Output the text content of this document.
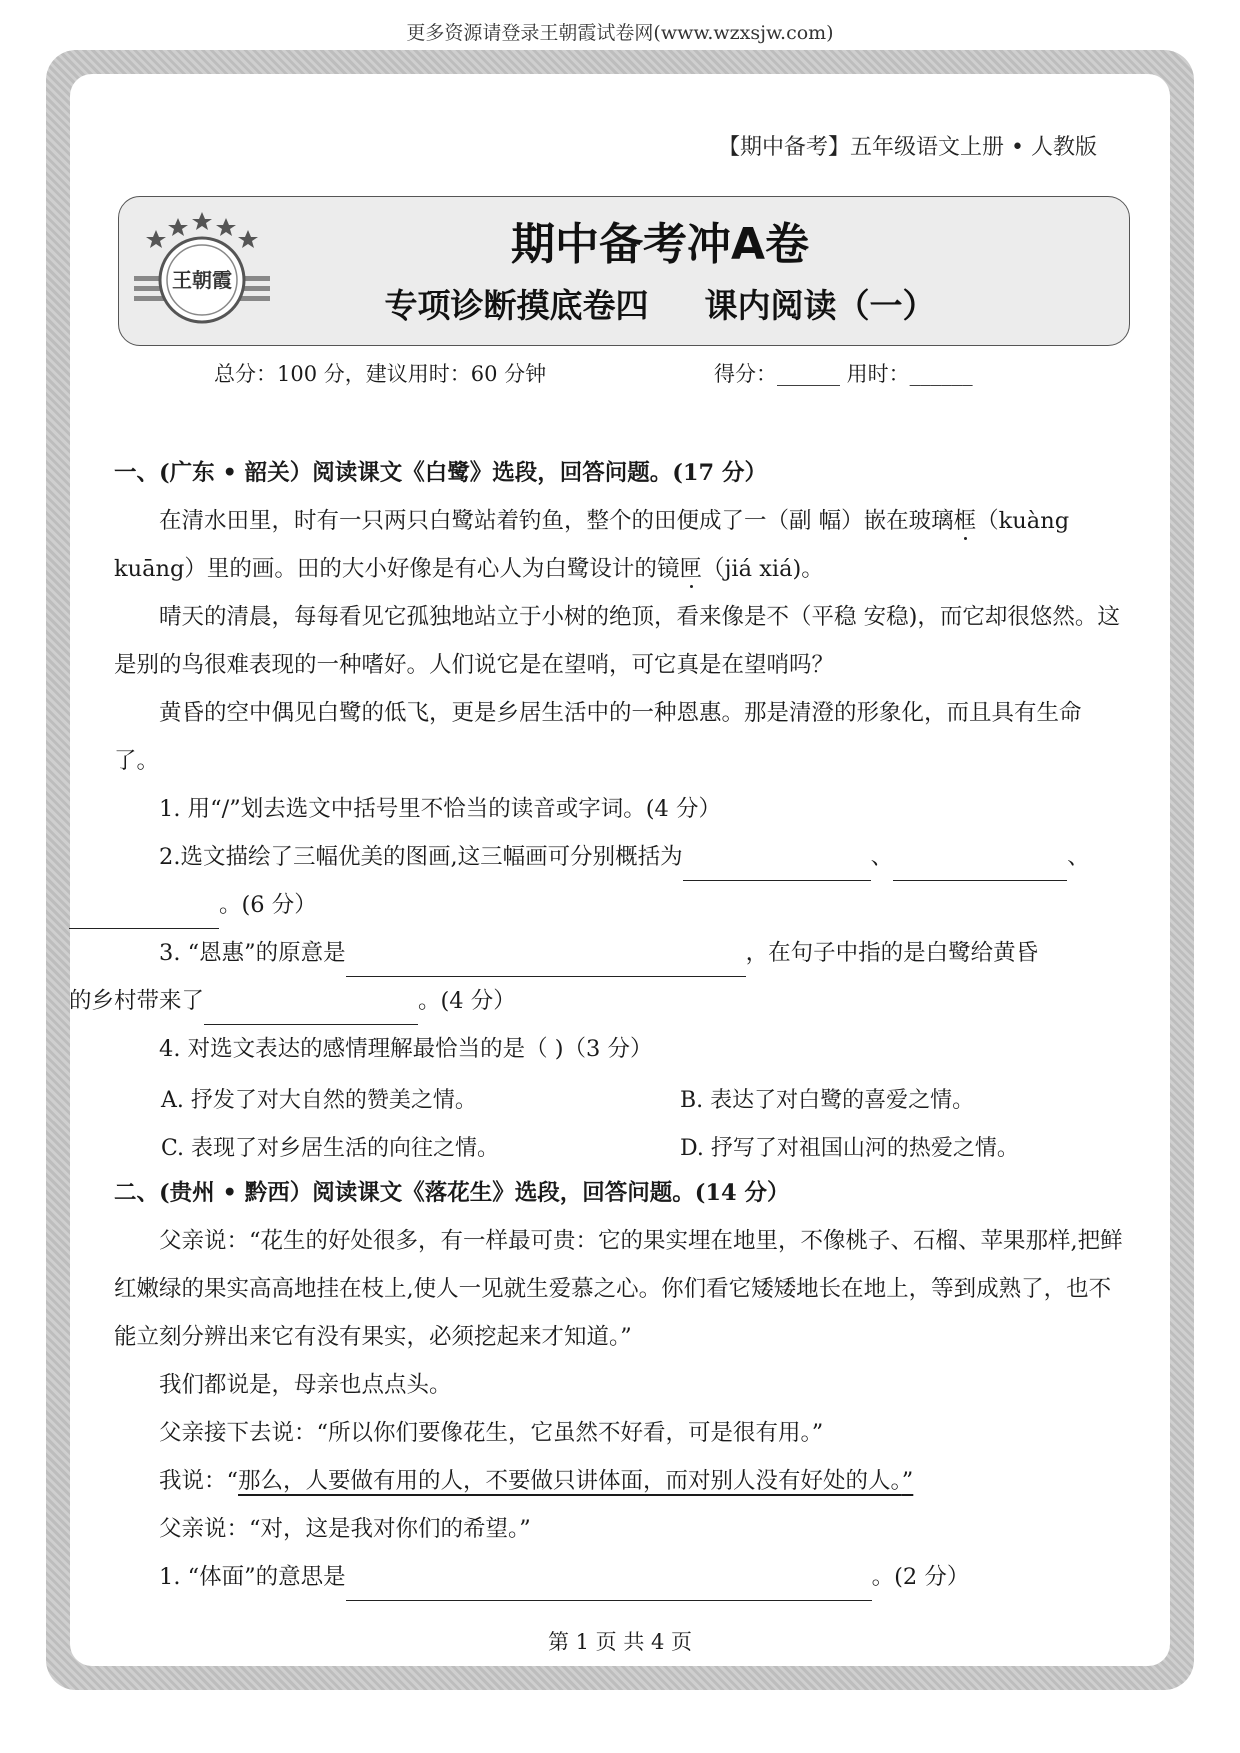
更多资源请登录王朝霞试卷网(www.wzxsjw.com)
【期中备考】五年级语文上册 • 人教版
王朝霞
期中备考冲A卷
专项诊断摸底卷四 课内阅读（一）
总分：100 分，建议用时：60 分钟	得分：______ 用时：______

一、(广东 • 韶关）阅读课文《白鹭》选段，回答问题。(17 分）

在清水田里，时有一只两只白鹭站着钓鱼，整个的田便成了一（副 幅）嵌在玻璃框（kuàng kuāng）里的画。田的大小好像是有心人为白鹭设计的镜匣（jiá xiá)。

晴天的清晨，每每看见它孤独地站立于小树的绝顶，看来像是不（平稳 安稳)，而它却很悠然。这是别的鸟很难表现的一种嗜好。人们说它是在望哨，可它真是在望哨吗？

黄昏的空中偶见白鹭的低飞，更是乡居生活中的一种恩惠。那是清澄的形象化，而且具有生命了。

1. 用“/”划去选文中括号里不恰当的读音或字词。(4 分）

2.选文描绘了三幅优美的图画,这三幅画可分别概括为	、	、
。(6 分）

3. “恩惠”的原意是	，在句子中指的是白鹭给黄昏
的乡村带来了	。(4 分）

4. 对选文表达的感情理解最恰当的是（ )（3 分）

A. 抒发了对大自然的赞美之情。	B. 表达了对白鹭的喜爱之情。
C. 表现了对乡居生活的向往之情。	D. 抒写了对祖国山河的热爱之情。

二、(贵州 • 黔西）阅读课文《落花生》选段，回答问题。(14 分）

父亲说：“花生的好处很多，有一样最可贵：它的果实埋在地里，不像桃子、石榴、苹果那样,把鲜红嫩绿的果实高高地挂在枝上,使人一见就生爱慕之心。你们看它矮矮地长在地上，等到成熟了，也不能立刻分辨出来它有没有果实，必须挖起来才知道。”

我们都说是，母亲也点点头。

父亲接下去说：“所以你们要像花生，它虽然不好看，可是很有用。”

我说：“那么，人要做有用的人，不要做只讲体面，而对别人没有好处的人。”

父亲说：“对，这是我对你们的希望。”

1. “体面”的意思是	。(2 分）

第 1 页 共 4 页
